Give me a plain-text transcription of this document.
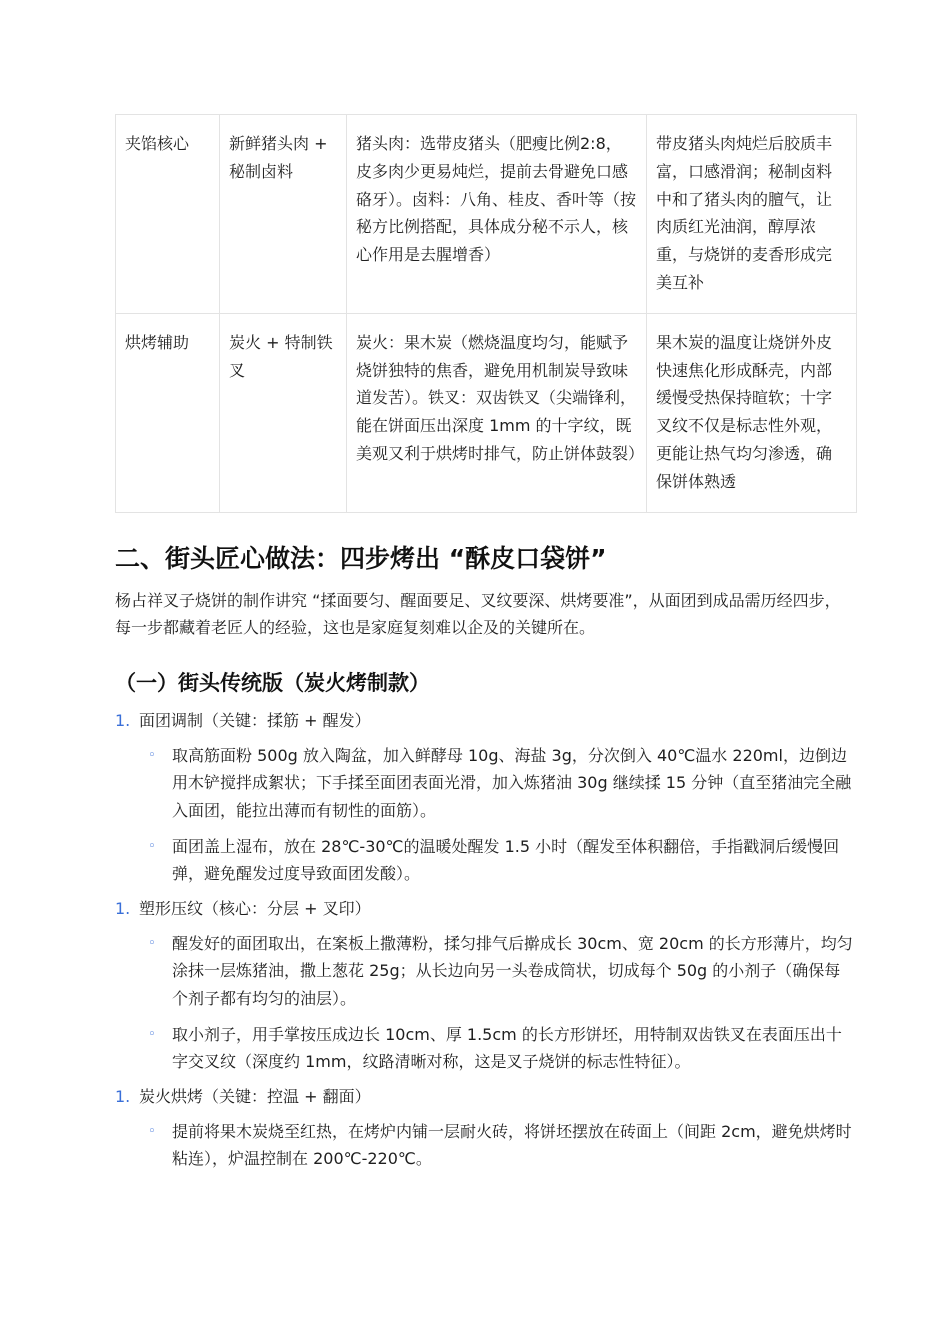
夹馅核心	新鲜猪头肉 + 秘制卤料	猪头肉：选带皮猪头（肥瘦比例2:8，皮多肉少更易炖烂，提前去骨避免口感硌牙）。卤料：八角、桂皮、香叶等（按秘方比例搭配，具体成分秘不示人，核心作用是去腥增香）	带皮猪头肉炖烂后胶质丰富，口感滑润；秘制卤料中和了猪头肉的膻气，让肉质红光油润，醇厚浓重，与烧饼的麦香形成完美互补
烘烤辅助	炭火 + 特制铁叉	炭火：果木炭（燃烧温度均匀，能赋予烧饼独特的焦香，避免用机制炭导致味道发苦）。铁叉：双齿铁叉（尖端锋利，能在饼面压出深度 1mm 的十字纹，既美观又利于烘烤时排气，防止饼体鼓裂）	果木炭的温度让烧饼外皮快速焦化形成酥壳，内部缓慢受热保持暄软；十字叉纹不仅是标志性外观，更能让热气均匀渗透，确保饼体熟透
二、街头匠心做法：四步烤出 “酥皮口袋饼”

杨占祥叉子烧饼的制作讲究 “揉面要匀、醒面要足、叉纹要深、烘烤要准”，从面团到成品需历经四步，每一步都藏着老匠人的经验，这也是家庭复刻难以企及的关键所在。

（一）街头传统版（炭火烤制款）
1. 面团调制（关键：揉筋 + 醒发）
◦ 取高筋面粉 500g 放入陶盆，加入鲜酵母 10g、海盐 3g，分次倒入 40℃温水 220ml，边倒边用木铲搅拌成絮状；下手揉至面团表面光滑，加入炼猪油 30g 继续揉 15 分钟（直至猪油完全融入面团，能拉出薄而有韧性的面筋）。
◦ 面团盖上湿布，放在 28℃-30℃的温暖处醒发 1.5 小时（醒发至体积翻倍，手指戳洞后缓慢回弹，避免醒发过度导致面团发酸）。
1. 塑形压纹（核心：分层 + 叉印）
◦ 醒发好的面团取出，在案板上撒薄粉，揉匀排气后擀成长 30cm、宽 20cm 的长方形薄片，均匀涂抹一层炼猪油，撒上葱花 25g；从长边向另一头卷成筒状，切成每个 50g 的小剂子（确保每个剂子都有均匀的油层）。
◦ 取小剂子，用手掌按压成边长 10cm、厚 1.5cm 的长方形饼坯，用特制双齿铁叉在表面压出十字交叉纹（深度约 1mm，纹路清晰对称，这是叉子烧饼的标志性特征）。
1. 炭火烘烤（关键：控温 + 翻面）
◦ 提前将果木炭烧至红热，在烤炉内铺一层耐火砖，将饼坯摆放在砖面上（间距 2cm，避免烘烤时粘连），炉温控制在 200℃-220℃。
